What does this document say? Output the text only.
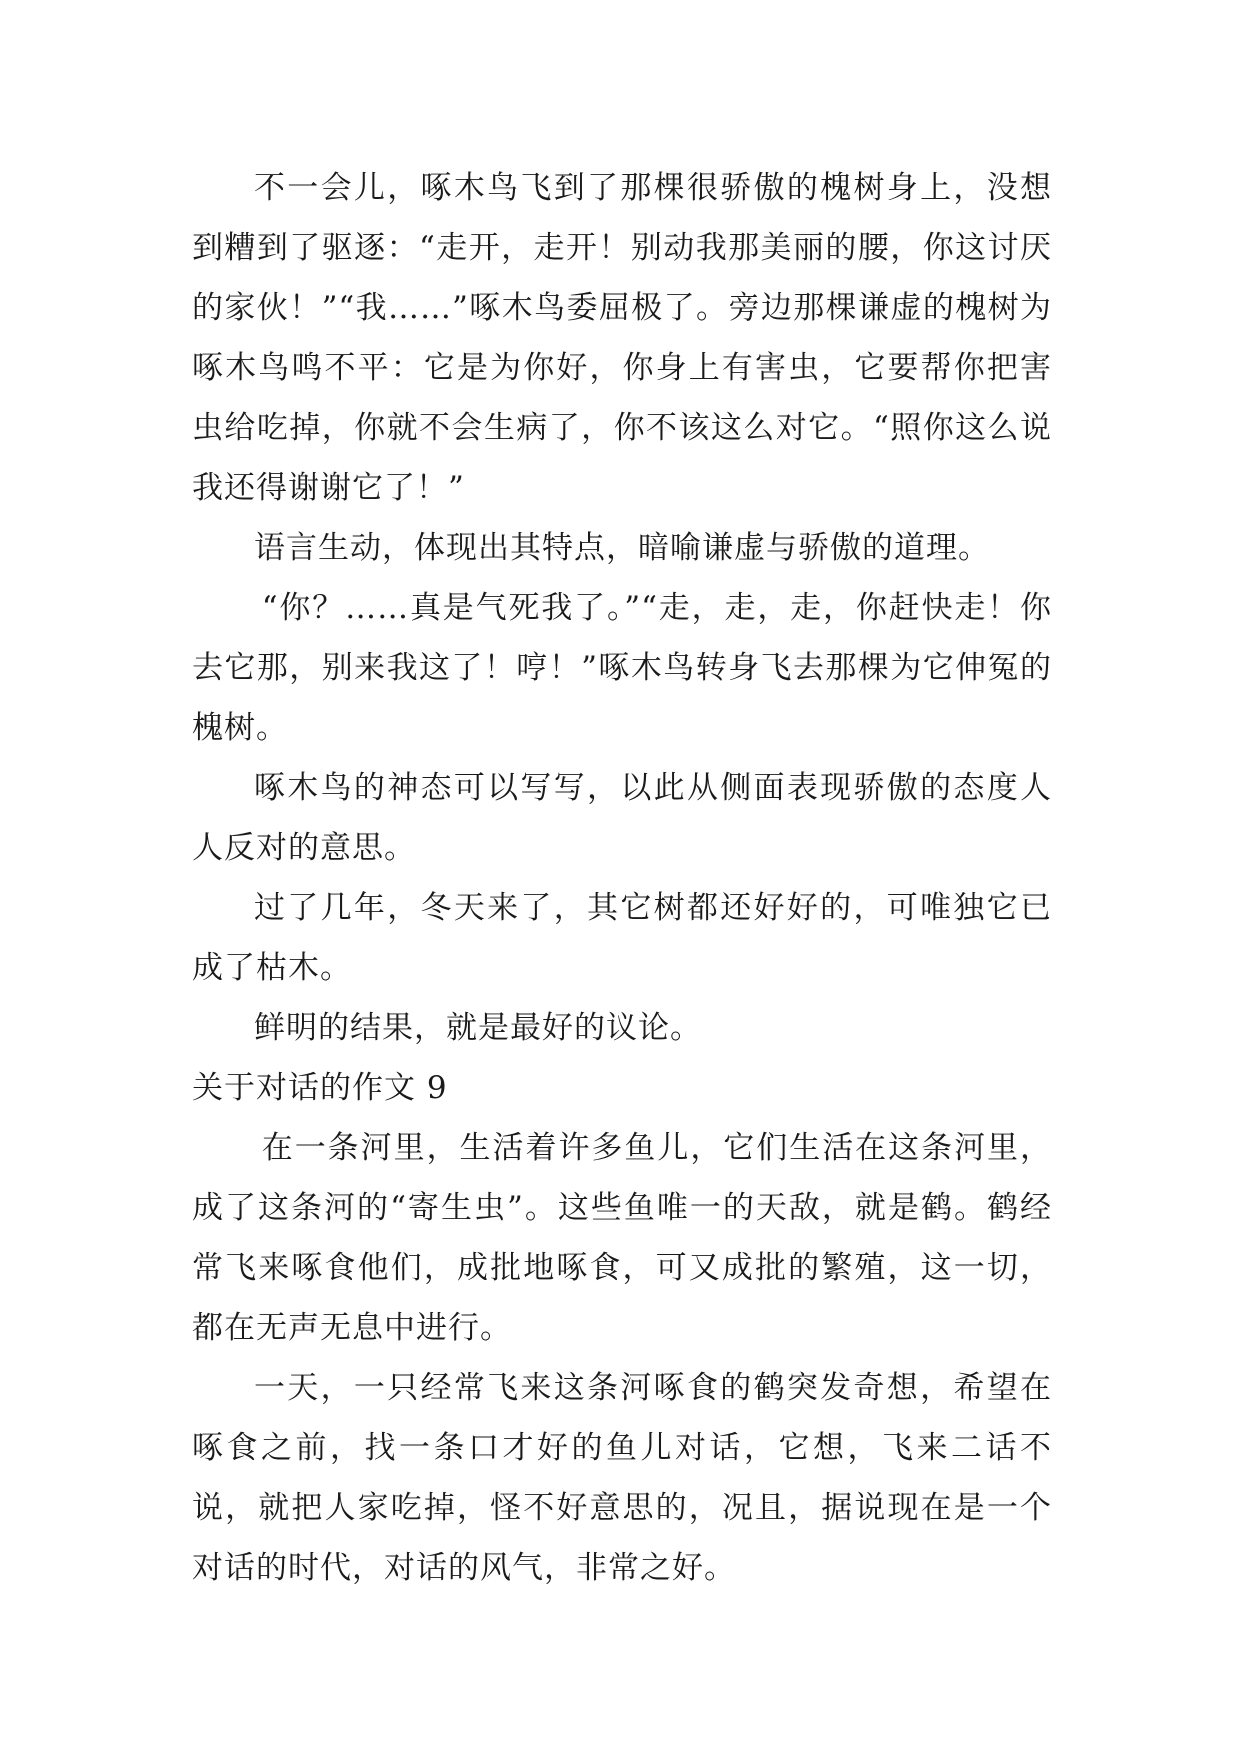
不一会儿，啄木鸟飞到了那棵很骄傲的槐树身上，没想到糟到了驱逐：“走开，走开！别动我那美丽的腰，你这讨厌的家伙！”“我……”啄木鸟委屈极了。旁边那棵谦虚的槐树为啄木鸟鸣不平：它是为你好，你身上有害虫，它要帮你把害虫给吃掉，你就不会生病了，你不该这么对它。“照你这么说我还得谢谢它了！”

语言生动，体现出其特点，暗喻谦虚与骄傲的道理。

“你？……真是气死我了。”“走，走，走，你赶快走！你去它那，别来我这了！哼！”啄木鸟转身飞去那棵为它伸冤的槐树。

啄木鸟的神态可以写写，以此从侧面表现骄傲的态度人人反对的意思。

过了几年，冬天来了，其它树都还好好的，可唯独它已成了枯木。

鲜明的结果，就是最好的议论。

关于对话的作文 9

在一条河里，生活着许多鱼儿，它们生活在这条河里，成了这条河的“寄生虫”。这些鱼唯一的天敌，就是鹤。鹤经常飞来啄食他们，成批地啄食，可又成批的繁殖，这一切，都在无声无息中进行。

一天，一只经常飞来这条河啄食的鹤突发奇想，希望在啄食之前，找一条口才好的鱼儿对话，它想，飞来二话不说，就把人家吃掉，怪不好意思的，况且，据说现在是一个对话的时代，对话的风气，非常之好。
